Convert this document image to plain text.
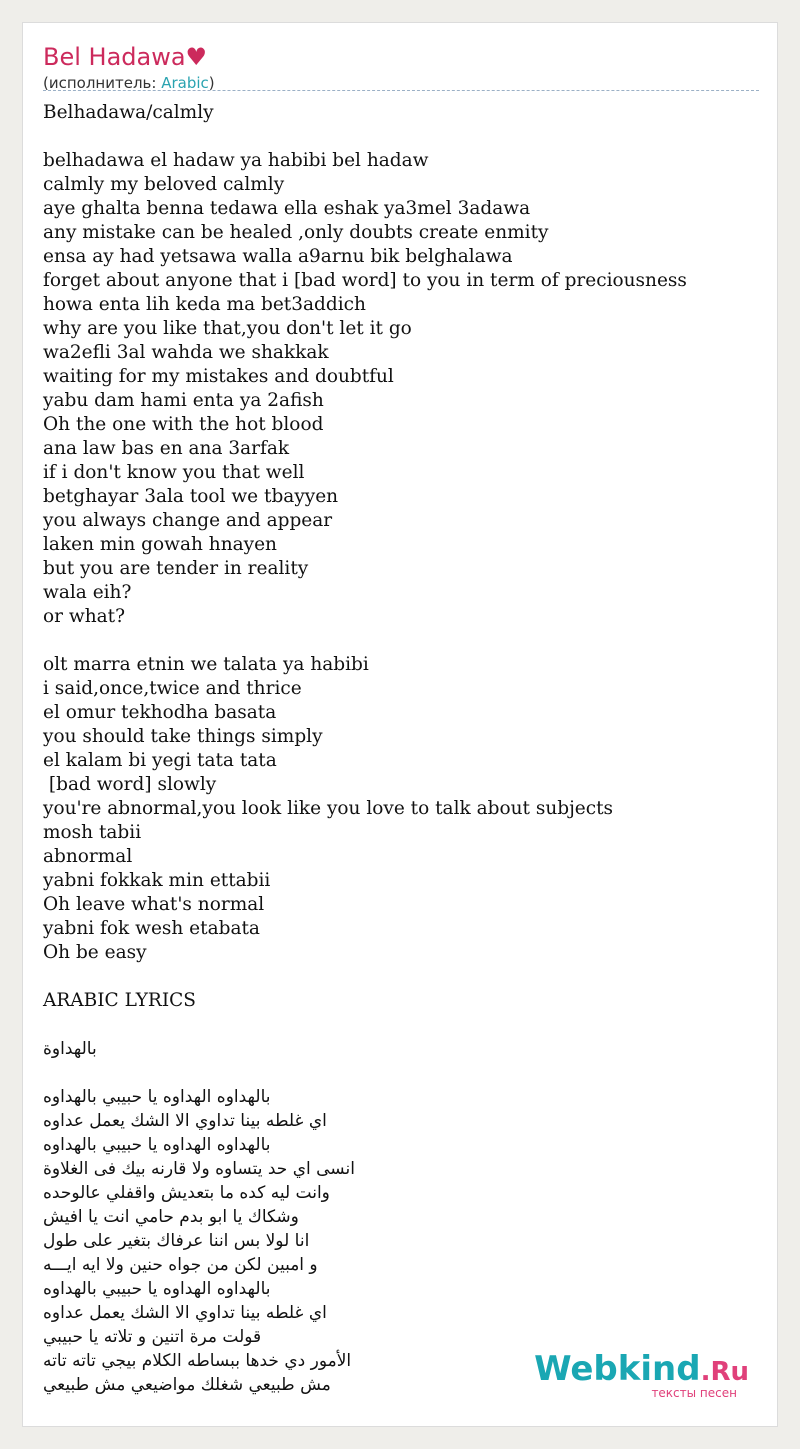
Bel Hadawa♥
(исполнитель: Arabic)
Belhadawa/calmly
belhadawa el hadaw ya habibi bel hadaw
calmly my beloved calmly
aye ghalta benna tedawa ella eshak ya3mel 3adawa
any mistake can be healed ,only doubts create enmity
ensa ay had yetsawa walla a9arnu bik belghalawa
forget about anyone that i [bad word] to you in term of preciousness
howa enta lih keda ma bet3addich
why are you like that,you don't let it go
wa2efli 3al wahda we shakkak
waiting for my mistakes and doubtful
yabu dam hami enta ya 2afish
Oh the one with the hot blood
ana law bas en ana 3arfak
if i don't know you that well
betghayar 3ala tool we tbayyen
you always change and appear
laken min gowah hnayen
but you are tender in reality
wala eih?
or what?
olt marra etnin we talata ya habibi
i said,once,twice and thrice
el omur tekhodha basata
you should take things simply
el kalam bi yegi tata tata
[bad word] slowly
you're abnormal,you look like you love to talk about subjects
mosh tabii
abnormal
yabni fokkak min ettabii
Oh leave what's normal
yabni fok wesh etabata
Oh be easy
ARABIC LYRICS
بالهداوة
بالهداوه الهداوه يا حبيبي بالهداوه
اي غلطه بينا تداوي الا الشك يعمل عداوه
بالهداوه الهداوه يا حبيبي بالهداوه
انسى اي حد يتساوه ولا قارنه بيك فى الغلاوة
وانت ليه كده ما بتعديش واقفلي عالوحده
وشكاك يا ابو بدم حامي انت يا افيش
انا لولا بس اننا عرفاك بتغير على طول
و امبين لكن من جواه حنين ولا ايه ايـــه
بالهداوه الهداوه يا حبيبي بالهداوه
اي غلطه بينا تداوي الا الشك يعمل عداوه
قولت مرة اتنين و تلاته يا حبيبي
الأمور دي خدها ببساطه الكلام بيجي تاته تاته
مش طبيعي شغلك مواضيعي مش طبيعي	Webkind.Ru
тексты песен
